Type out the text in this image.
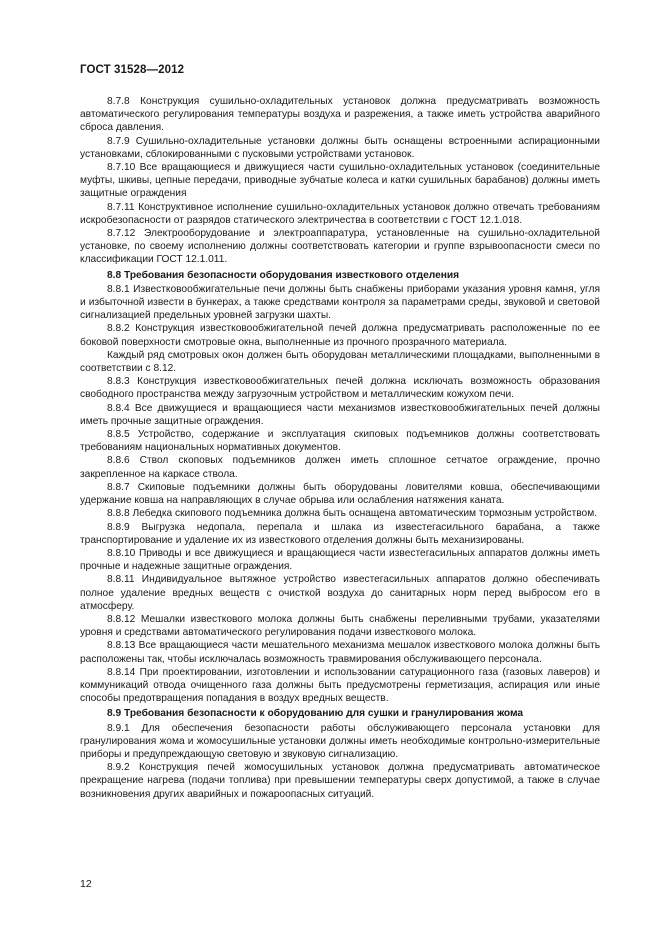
ГОСТ 31528—2012

8.7.8 Конструкция сушильно-охладительных установок должна предусматривать возможность автоматического регулирования температуры воздуха и разрежения, а также иметь устройства аварийного сброса давления.

8.7.9 Сушильно-охладительные установки должны быть оснащены встроенными аспирационными установками, сблокированными с пусковыми устройствами установок.

8.7.10 Все вращающиеся и движущиеся части сушильно-охладительных установок (соединительные муфты, шкивы, цепные передачи, приводные зубчатые колеса и катки сушильных барабанов) должны иметь защитные ограждения

8.7.11 Конструктивное исполнение сушильно-охладительных установок должно отвечать требованиям искробезопасности от разрядов статического электричества в соответствии с ГОСТ 12.1.018.

8.7.12 Электрооборудование и электроаппаратура, установленные на сушильно-охладительной установке, по своему исполнению должны соответствовать категории и группе взрывоопасности смеси по классификации ГОСТ 12.1.011.

8.8 Требования безопасности оборудования известкового отделения

8.8.1 Известковообжигательные печи должны быть снабжены приборами указания уровня камня, угля и избыточной извести в бункерах, а также средствами контроля за параметрами среды, звуковой и световой сигнализацией предельных уровней загрузки шахты.

8.8.2 Конструкция известковообжигательной печей должна предусматривать расположенные по ее боковой поверхности смотровые окна, выполненные из прочного прозрачного материала.

Каждый ряд смотровых окон должен быть оборудован металлическими площадками, выполненными в соответствии с 8.12.

8.8.3 Конструкция известковообжигательных печей должна исключать возможность образования свободного пространства между загрузочным устройством и металлическим кожухом печи.

8.8.4 Все движущиеся и вращающиеся части механизмов известковообжигательных печей должны иметь прочные защитные ограждения.

8.8.5 Устройство, содержание и эксплуатация скиповых подъемников должны соответствовать требованиям национальных нормативных документов.

8.8.6 Ствол скоповых подъемников должен иметь сплошное сетчатое ограждение, прочно закрепленное на каркасе ствола.

8.8.7 Скиповые подъемники должны быть оборудованы ловителями ковша, обеспечивающими удержание ковша на направляющих в случае обрыва или ослабления натяжения каната.

8.8.8 Лебедка скипового подъемника должна быть оснащена автоматическим тормозным устройством.

8.8.9 Выгрузка недопала, перепала и шлака из известегасильного барабана, а также транспортирование и удаление их из известкового отделения должны быть механизированы.

8.8.10 Приводы и все движущиеся и вращающиеся части известегасильных аппаратов должны иметь прочные и надежные защитные ограждения.

8.8.11 Индивидуальное вытяжное устройство известегасильных аппаратов должно обеспечивать полное удаление вредных веществ с очисткой воздуха до санитарных норм перед выбросом его в атмосферу.

8.8.12 Мешалки известкового молока должны быть снабжены переливными трубами, указателями уровня и средствами автоматического регулирования подачи известкового молока.

8.8.13 Все вращающиеся части мешательного механизма мешалок известкового молока должны быть расположены так, чтобы исключалась возможность травмирования обслуживающего персонала.

8.8.14 При проектировании, изготовлении и использовании сатурационного газа (газовых лаверов) и коммуникаций отвода очищенного газа должны быть предусмотрены герметизация, аспирация или иные способы предотвращения попадания в воздух вредных веществ.

8.9 Требования безопасности к оборудованию для сушки и гранулирования жома

8.9.1 Для обеспечения безопасности работы обслуживающего персонала установки для гранулирования жома и жомосушильные установки должны иметь необходимые контрольно-измерительные приборы и предупреждающую световую и звуковую сигнализацию.

8.9.2 Конструкция печей жомосушильных установок должна предусматривать автоматическое прекращение нагрева (подачи топлива) при превышении температуры сверх допустимой, а также в случае возникновения других аварийных и пожароопасных ситуаций.

12
